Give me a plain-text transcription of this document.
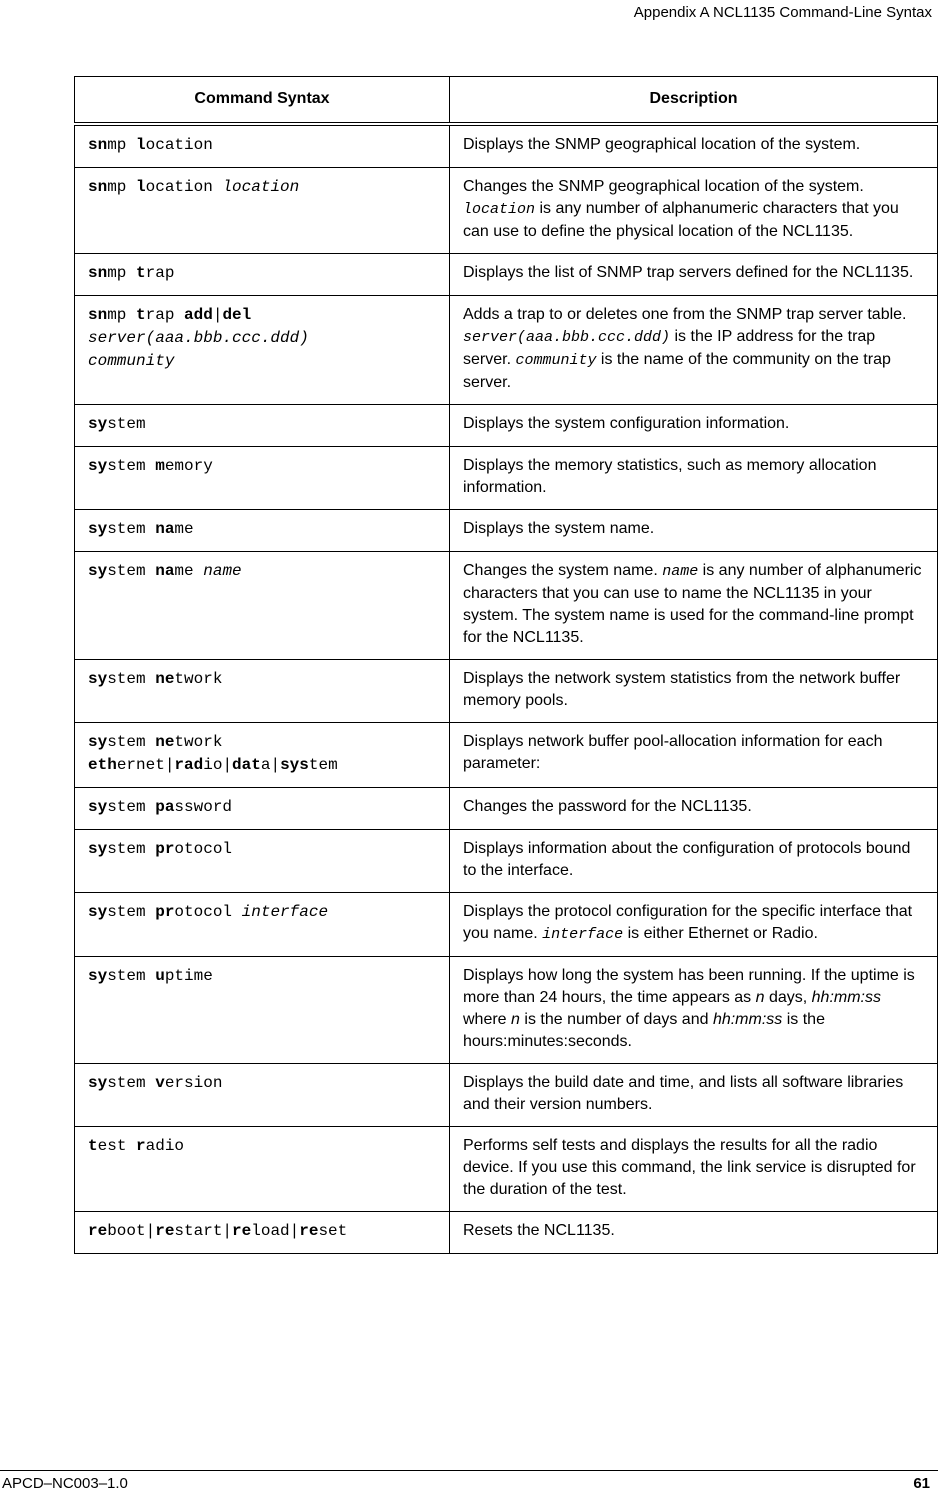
Appendix A NCL1135 Command-Line Syntax
Command Syntax	Description

snmp location	Displays the SNMP geographical location of the system.

snmp location location	Changes the SNMP geographical location of the system. location is any number of alphanumeric characters that you can use to define the physical location of the NCL1135.

snmp trap	Displays the list of SNMP trap servers defined for the NCL1135.

snmp trap add|del
server(aaa.bbb.ccc.ddd)
community	Adds a trap to or deletes one from the SNMP trap server table. server(aaa.bbb.ccc.ddd) is the IP address for the trap server. community is the name of the community on the trap server.

system	Displays the system configuration information.

system memory	Displays the memory statistics, such as memory allocation information.

system name	Displays the system name.

system name name	Changes the system name. name is any number of alphanumeric characters that you can use to name the NCL1135 in your system. The system name is used for the command-line prompt for the NCL1135.

system network	Displays the network system statistics from the network buffer memory pools.

system network
ethernet|radio|data|system	Displays network buffer pool-allocation information for each parameter:

system password	Changes the password for the NCL1135.

system protocol	Displays information about the configuration of protocols bound to the interface.

system protocol interface	Displays the protocol configuration for the specific interface that you name. interface is either Ethernet or Radio.

system uptime	Displays how long the system has been running. If the uptime is more than 24 hours, the time appears as n days, hh:mm:ss where n is the number of days and hh:mm:ss is the hours:minutes:seconds.

system version	Displays the build date and time, and lists all software libraries and their version numbers.

test radio	Performs self tests and displays the results for all the radio device. If you use this command, the link service is disrupted for the duration of the test.

reboot|restart|reload|reset	Resets the NCL1135.
APCD–NC003–1.0	61
